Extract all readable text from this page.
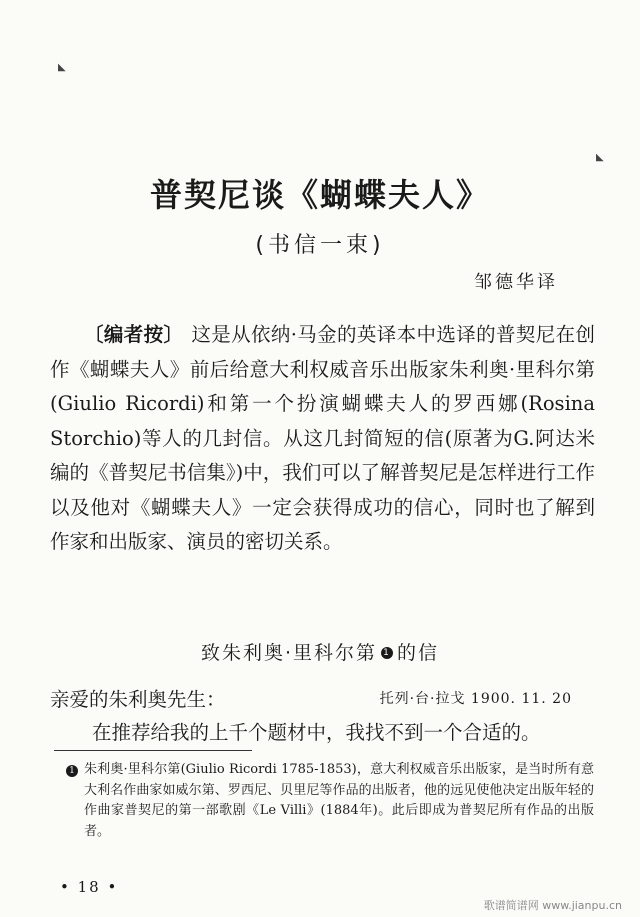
◣
◣
普契尼谈《蝴蝶夫人》
(书信一束)
邹德华译
〔编者按〕 这是从依纳·马金的英译本中选译的普契尼在创作《蝴蝶夫人》前后给意大利权威音乐出版家朱利奥·里科尔第(Giulio Ricordi)和第一个扮演蝴蝶夫人的罗西娜(Rosina Storchio)等人的几封信。从这几封简短的信(原著为G.阿达米编的《普契尼书信集》)中，我们可以了解普契尼是怎样进行工作以及他对《蝴蝶夫人》一定会获得成功的信心，同时也了解到作家和出版家、演员的密切关系。
致朱利奥·里科尔第 1 的信
亲爱的朱利奥先生：	托列·台·拉戈 1900. 11. 20
在推荐给我的上千个题材中，我找不到一个合适的。
1 朱利奥·里科尔第(Giulio Ricordi 1785-1853)，意大利权威音乐出版家，是当时所有意大利名作曲家如威尔第、罗西尼、贝里尼等作品的出版者，他的远见使他决定出版年轻的作曲家普契尼的第一部歌剧《Le Villi》(1884年)。此后即成为普契尼所有作品的出版者。
• 18 •
歌谱简谱网 www.jianpu.cn
